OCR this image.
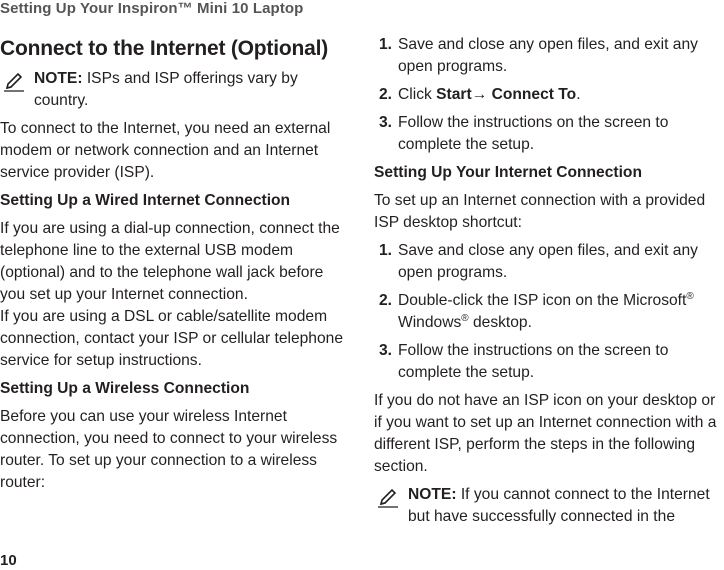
Setting Up Your Inspiron™ Mini 10 Laptop
Connect to the Internet (Optional)
NOTE: ISPs and ISP offerings vary by country.

To connect to the Internet, you need an external modem or network connection and an Internet service provider (ISP).

Setting Up a Wired Internet Connection

If you are using a dial-up connection, connect the telephone line to the external USB modem (optional) and to the telephone wall jack before you set up your Internet connection.

If you are using a DSL or cable/satellite modem connection, contact your ISP or cellular telephone service for setup instructions.

Setting Up a Wireless Connection

Before you can use your wireless Internet connection, you need to connect to your wireless router. To set up your connection to a wireless router:

1. Save and close any open files, and exit any open programs.
2. Click Start→ Connect To.
3. Follow the instructions on the screen to complete the setup.

Setting Up Your Internet Connection

To set up an Internet connection with a provided ISP desktop shortcut:

1. Save and close any open files, and exit any open programs.
2. Double-click the ISP icon on the Microsoft® Windows® desktop.
3. Follow the instructions on the screen to complete the setup.

If you do not have an ISP icon on your desktop or if you want to set up an Internet connection with a different ISP, perform the steps in the following section.

NOTE: If you cannot connect to the Internet but have successfully connected in the
10
